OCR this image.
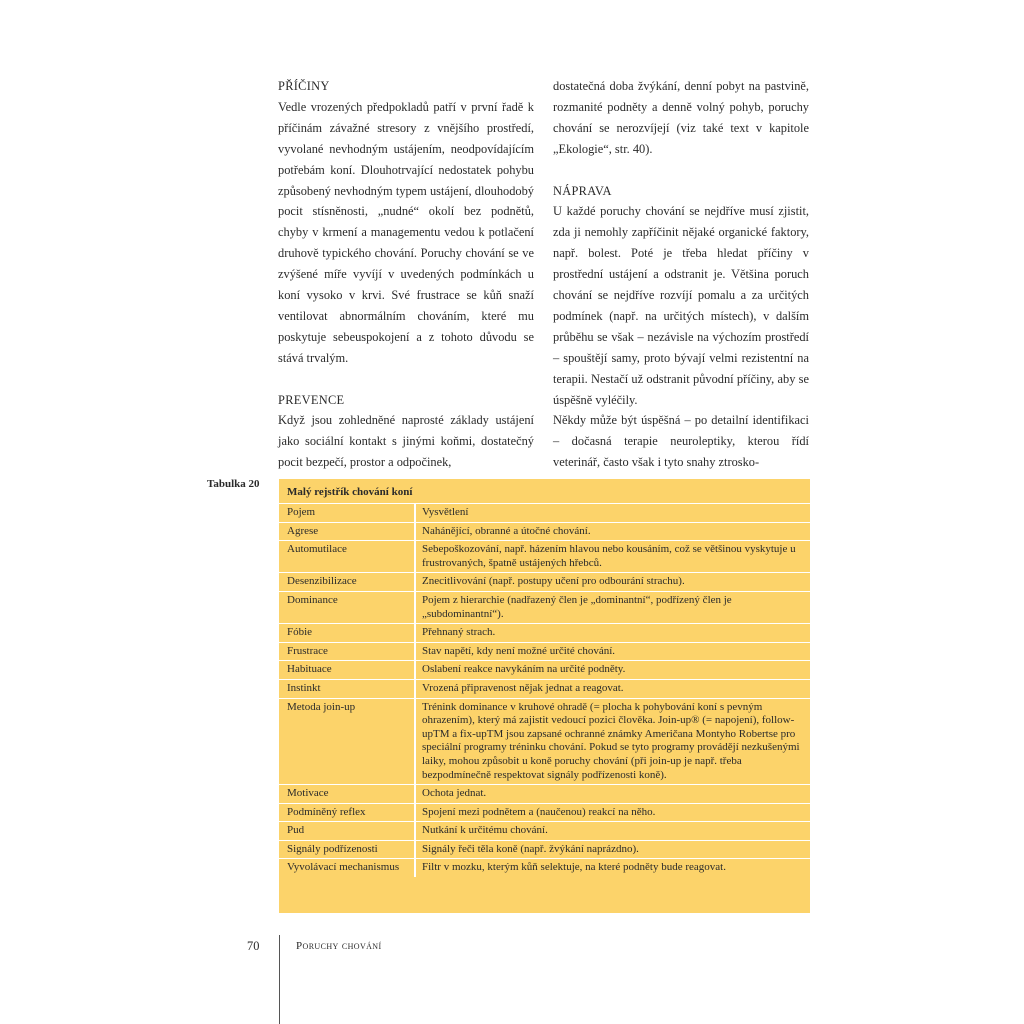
PŘÍČINY

Vedle vrozených předpokladů patří v první řadě k příčinám závažné stresory z vnějšího prostředí, vyvolané nevhodným ustájením, neodpovídajícím potřebám koní. Dlouhotrvající nedostatek pohybu způsobený nevhodným typem ustájení, dlouhodobý pocit stísněnosti, „nudné“ okolí bez podnětů, chyby v krmení a managementu vedou k potlačení druhově typického chování. Poruchy chování se ve zvýšené míře vyvíjí v uvedených podmínkách u koní vysoko v krvi. Své frustrace se kůň snaží ventilovat abnormálním chováním, které mu poskytuje sebeuspokojení a z tohoto důvodu se stává trvalým.

PREVENCE

Když jsou zohledněné naprosté základy ustájení jako sociální kontakt s jinými koňmi, dostatečný pocit bezpečí, prostor a odpočinek,

dostatečná doba žvýkání, denní pobyt na pastvině, rozmanité podněty a denně volný pohyb, poruchy chování se nerozvíjejí (viz také text v kapitole „Ekologie“, str. 40).

NÁPRAVA

U každé poruchy chování se nejdříve musí zjistit, zda ji nemohly zapříčinit nějaké organické faktory, např. bolest. Poté je třeba hledat příčiny v prostřední ustájení a odstranit je. Většina poruch chování se nejdříve rozvíjí pomalu a za určitých podmínek (např. na určitých místech), v dalším průběhu se však – nezávisle na výchozím prostředí – spouštějí samy, proto bývají velmi rezistentní na terapii. Nestačí už odstranit původní příčiny, aby se úspěšně vyléčily.

Někdy může být úspěšná – po detailní identifikaci – dočasná terapie neuroleptiky, kterou řídí veterinář, často však i tyto snahy ztrosko-

Tabulka 20
Malý rejstřík chování koní
Pojem	Vysvětlení
Agrese	Nahánějící, obranné a útočné chování.
Automutilace	Sebepoškozování, např. házením hlavou nebo kousáním, což se většinou vyskytuje u frustrovaných, špatně ustájených hřebců.
Desenzibilizace	Znecitlivování (např. postupy učení pro odbourání strachu).
Dominance	Pojem z hierarchie (nadřazený člen je „dominantní“, podřízený člen je „subdominantní“).
Fóbie	Přehnaný strach.
Frustrace	Stav napětí, kdy není možné určité chování.
Habituace	Oslabení reakce navykáním na určité podněty.
Instinkt	Vrozená připravenost nějak jednat a reagovat.
Metoda join-up	Trénink dominance v kruhové ohradě (= plocha k pohybování koní s pevným ohrazením), který má zajistit vedoucí pozici člověka. Join-up® (= napojení), follow-upTM a fix-upTM jsou zapsané ochranné známky Američana Montyho Robertse pro speciální programy tréninku chování. Pokud se tyto programy provádějí nezkušenými laiky, mohou způsobit u koně poruchy chování (při join-up je např. třeba bezpodmínečně respektovat signály podřízenosti koně).
Motivace	Ochota jednat.
Podmíněný reflex	Spojení mezi podnětem a (naučenou) reakcí na něho.
Pud	Nutkání k určitému chování.
Signály podřízenosti	Signály řeči těla koně (např. žvýkání naprázdno).
Vyvolávací mechanismus	Filtr v mozku, kterým kůň selektuje, na které podněty bude reagovat.
70	Poruchy chování
